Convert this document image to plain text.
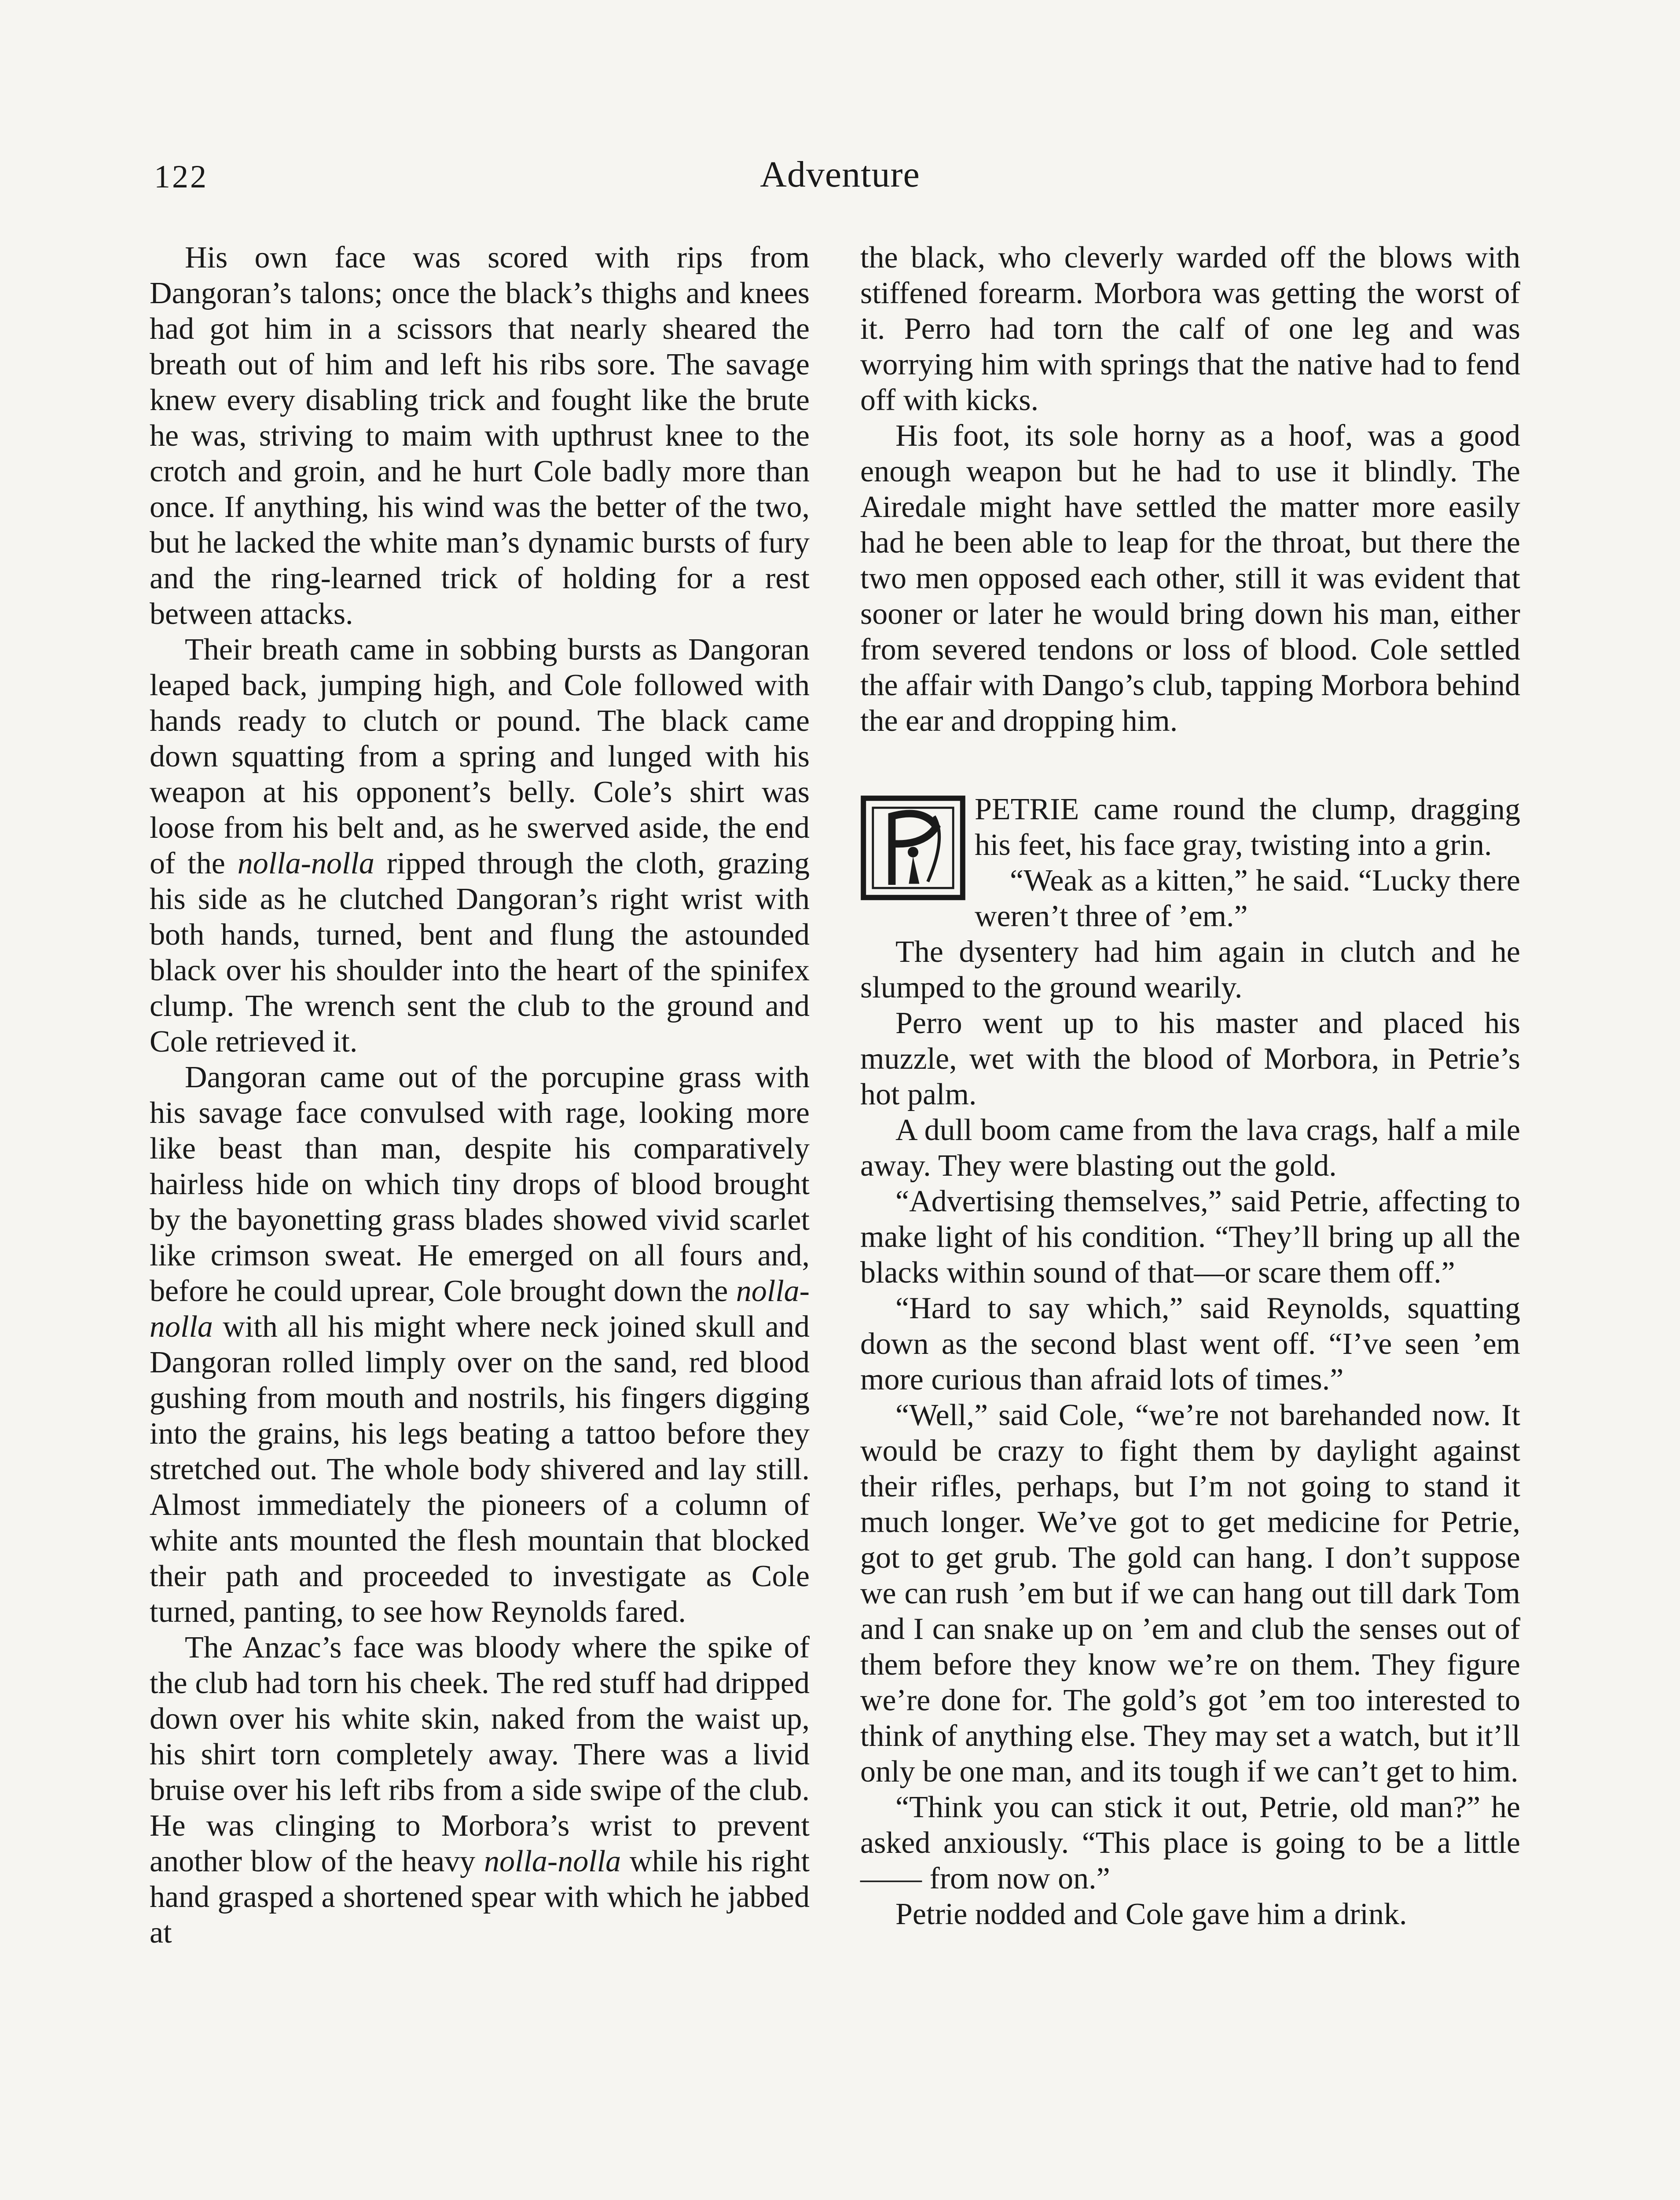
122	Adventure

His own face was scored with rips from Dangoran’s talons; once the black’s thighs and knees had got him in a scissors that nearly sheared the breath out of him and left his ribs sore. The savage knew every disabling trick and fought like the brute he was, striving to maim with upthrust knee to the crotch and groin, and he hurt Cole badly more than once. If anything, his wind was the better of the two, but he lacked the white man’s dynamic bursts of fury and the ring-learned trick of holding for a rest between attacks.

Their breath came in sobbing bursts as Dangoran leaped back, jumping high, and Cole followed with hands ready to clutch or pound. The black came down squatting from a spring and lunged with his weapon at his opponent’s belly. Cole’s shirt was loose from his belt and, as he swerved aside, the end of the nolla-nolla ripped through the cloth, grazing his side as he clutched Dangoran’s right wrist with both hands, turned, bent and flung the astounded black over his shoulder into the heart of the spinifex clump. The wrench sent the club to the ground and Cole retrieved it.

Dangoran came out of the porcupine grass with his savage face convulsed with rage, looking more like beast than man, despite his comparatively hairless hide on which tiny drops of blood brought by the bayonetting grass blades showed vivid scarlet like crimson sweat. He emerged on all fours and, before he could uprear, Cole brought down the nolla-nolla with all his might where neck joined skull and Dangoran rolled limply over on the sand, red blood gushing from mouth and nostrils, his fingers digging into the grains, his legs beating a tattoo before they stretched out. The whole body shivered and lay still. Almost immediately the pioneers of a column of white ants mounted the flesh mountain that blocked their path and proceeded to investigate as Cole turned, panting, to see how Reynolds fared.

The Anzac’s face was bloody where the spike of the club had torn his cheek. The red stuff had dripped down over his white skin, naked from the waist up, his shirt torn completely away. There was a livid bruise over his left ribs from a side swipe of the club. He was clinging to Morbora’s wrist to prevent another blow of the heavy nolla-nolla while his right hand grasped a shortened spear with which he jabbed at

the black, who cleverly warded off the blows with stiffened forearm. Morbora was getting the worst of it. Perro had torn the calf of one leg and was worrying him with springs that the native had to fend off with kicks.

His foot, its sole horny as a hoof, was a good enough weapon but he had to use it blindly. The Airedale might have settled the matter more easily had he been able to leap for the throat, but there the two men opposed each other, still it was evident that sooner or later he would bring down his man, either from severed tendons or loss of blood. Cole settled the affair with Dango’s club, tapping Morbora behind the ear and dropping him.

PETRIE came round the clump, dragging his feet, his face gray, twisting into a grin.

“Weak as a kitten,” he said. “Lucky there weren’t three of ’em.”

The dysentery had him again in clutch and he slumped to the ground wearily.

Perro went up to his master and placed his muzzle, wet with the blood of Morbora, in Petrie’s hot palm.

A dull boom came from the lava crags, half a mile away. They were blasting out the gold.

“Advertising themselves,” said Petrie, affecting to make light of his condition. “They’ll bring up all the blacks within sound of that—or scare them off.”

“Hard to say which,” said Reynolds, squatting down as the second blast went off. “I’ve seen ’em more curious than afraid lots of times.”

“Well,” said Cole, “we’re not barehanded now. It would be crazy to fight them by daylight against their rifles, perhaps, but I’m not going to stand it much longer. We’ve got to get medicine for Petrie, got to get grub. The gold can hang. I don’t suppose we can rush ’em but if we can hang out till dark Tom and I can snake up on ’em and club the senses out of them before they know we’re on them. They figure we’re done for. The gold’s got ’em too interested to think of anything else. They may set a watch, but it’ll only be one man, and its tough if we can’t get to him.

“Think you can stick it out, Petrie, old man?” he asked anxiously. “This place is going to be a little —— from now on.”

Petrie nodded and Cole gave him a drink.
